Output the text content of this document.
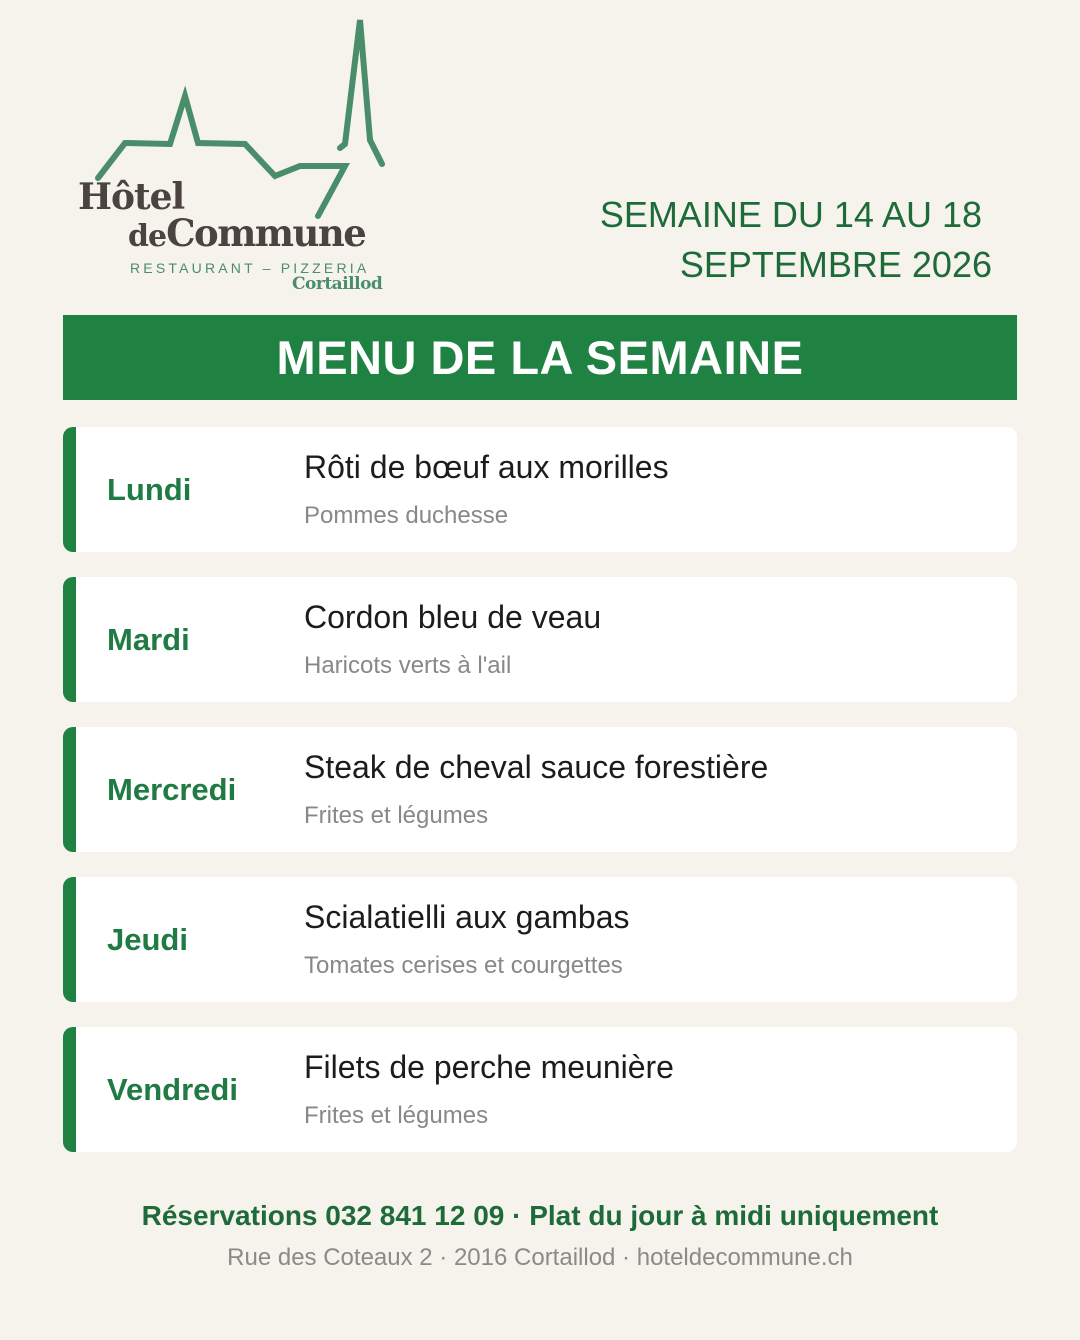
Hôtel
deCommune
RESTAURANT – PIZZERIA
Cortaillod
SEMAINE DU 14 AU 18
SEPTEMBRE 2026
MENU DE LA SEMAINE
Lundi
Rôti de bœuf aux morilles
Pommes duchesse
Mardi
Cordon bleu de veau
Haricots verts à l'ail
Mercredi
Steak de cheval sauce forestière
Frites et légumes
Jeudi
Scialatielli aux gambas
Tomates cerises et courgettes
Vendredi
Filets de perche meunière
Frites et légumes
Réservations 032 841 12 09 · Plat du jour à midi uniquement
Rue des Coteaux 2 · 2016 Cortaillod · hoteldecommune.ch
